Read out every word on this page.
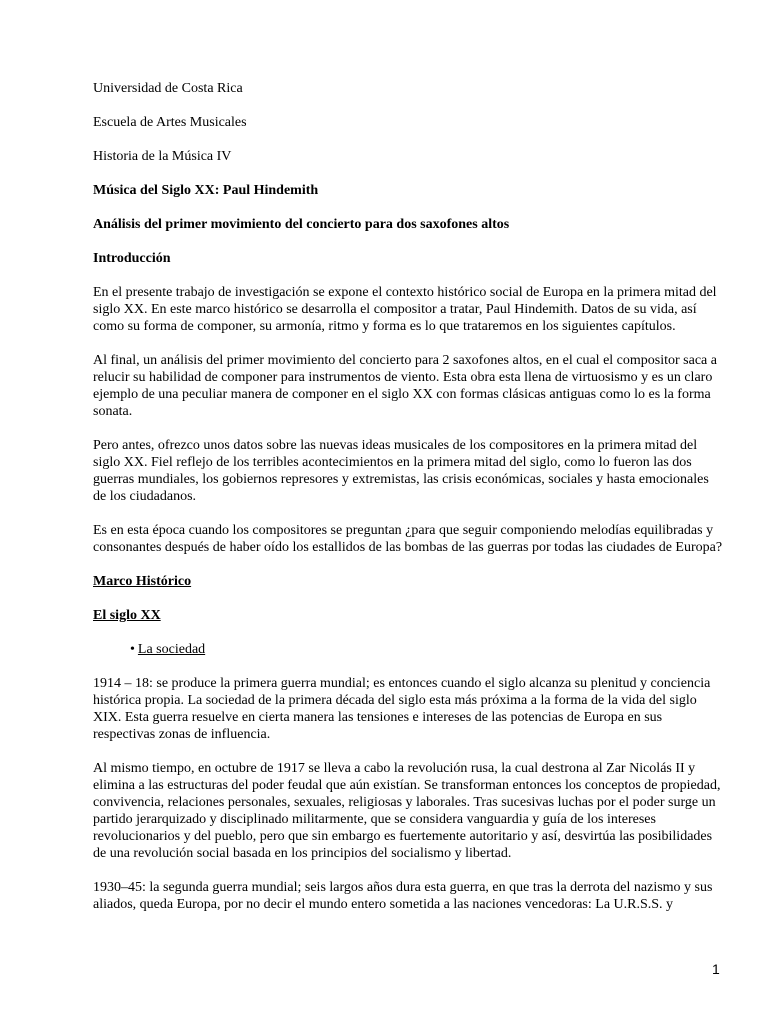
Universidad de Costa Rica

Escuela de Artes Musicales

Historia de la Música IV

Música del Siglo XX: Paul Hindemith

Análisis del primer movimiento del concierto para dos saxofones altos

Introducción

En el presente trabajo de investigación se expone el contexto histórico social de Europa en la primera mitad del siglo XX. En este marco histórico se desarrolla el compositor a tratar, Paul Hindemith. Datos de su vida, así como su forma de componer, su armonía, ritmo y forma es lo que trataremos en los siguientes capítulos.

Al final, un análisis del primer movimiento del concierto para 2 saxofones altos, en el cual el compositor saca a relucir su habilidad de componer para instrumentos de viento. Esta obra esta llena de virtuosismo y es un claro ejemplo de una peculiar manera de componer en el siglo XX con formas clásicas antiguas como lo es la forma sonata.

Pero antes, ofrezco unos datos sobre las nuevas ideas musicales de los compositores en la primera mitad del siglo XX. Fiel reflejo de los terribles acontecimientos en la primera mitad del siglo, como lo fueron las dos guerras mundiales, los gobiernos represores y extremistas, las crisis económicas, sociales y hasta emocionales de los ciudadanos.

Es en esta época cuando los compositores se preguntan ¿para que seguir componiendo melodías equilibradas y consonantes después de haber oído los estallidos de las bombas de las guerras por todas las ciudades de Europa?

Marco Histórico

El siglo XX

• La sociedad

1914 – 18: se produce la primera guerra mundial; es entonces cuando el siglo alcanza su plenitud y conciencia histórica propia. La sociedad de la primera década del siglo esta más próxima a la forma de la vida del siglo XIX. Esta guerra resuelve en cierta manera las tensiones e intereses de las potencias de Europa en sus respectivas zonas de influencia.

Al mismo tiempo, en octubre de 1917 se lleva a cabo la revolución rusa, la cual destrona al Zar Nicolás II y elimina a las estructuras del poder feudal que aún existían. Se transforman entonces los conceptos de propiedad, convivencia, relaciones personales, sexuales, religiosas y laborales. Tras sucesivas luchas por el poder surge un partido jerarquizado y disciplinado militarmente, que se considera vanguardia y guía de los intereses revolucionarios y del pueblo, pero que sin embargo es fuertemente autoritario y así, desvirtúa las posibilidades de una revolución social basada en los principios del socialismo y libertad.

1930–45: la segunda guerra mundial; seis largos años dura esta guerra, en que tras la derrota del nazismo y sus aliados, queda Europa, por no decir el mundo entero sometida a las naciones vencedoras: La U.R.S.S. y

1
